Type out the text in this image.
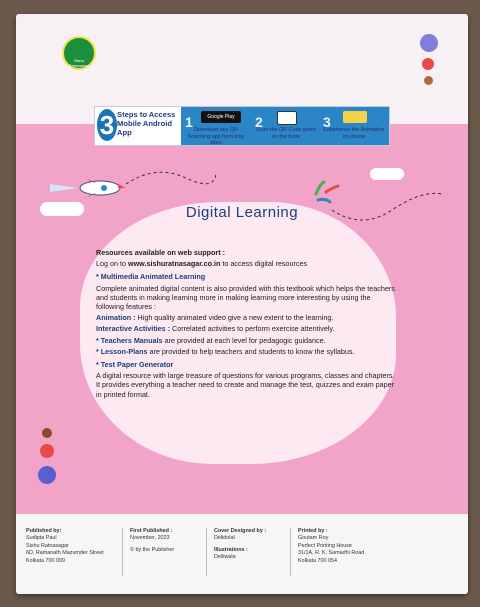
Sishu Ratnasagar
3 Steps to Access Mobile Android App
1	Google Play
Download any QR Scanning app from play store
2
Scan the QR Code given on the book
3
Experience the Animation on phone
Digital Learning

Resources available on web support :

Log on to www.sishuratnasagar.co.in to access digital resources

* Multimedia Animated Learning

Complete animated digital content is also provided with this textbook which helps the teachers and students in making learning more in making learning more interesting by using the following features :

Animation : High quality animated video give a new extent to the learning.

Interactive Activities : Correlated activities to perform exercise attentively.

* Teachers Manuals are provided at each level for pedagogic guidance.

* Lesson-Plans are provided to help teachers and students to know the syllabus.

* Test Paper Generator

A digital resource with large treasure of questions for various programs, classes and chapters. It provides everything a teacher need to create and manage the test, quizzes and exam paper in printed format.

Published by:
Sudipta Paul
Sishu Ratnasagar
6D, Ramanath Mazumder Street
Kolkata 700 009
First Published :
November, 2023
© by the Publisher
Cover Designed by :
Delidolal
Illustrations :
Delliwala
Printed by :
Goutam Roy
Perfect Printing House
31/1A, R. K. Samadhi Road
Kolkata 700 054
